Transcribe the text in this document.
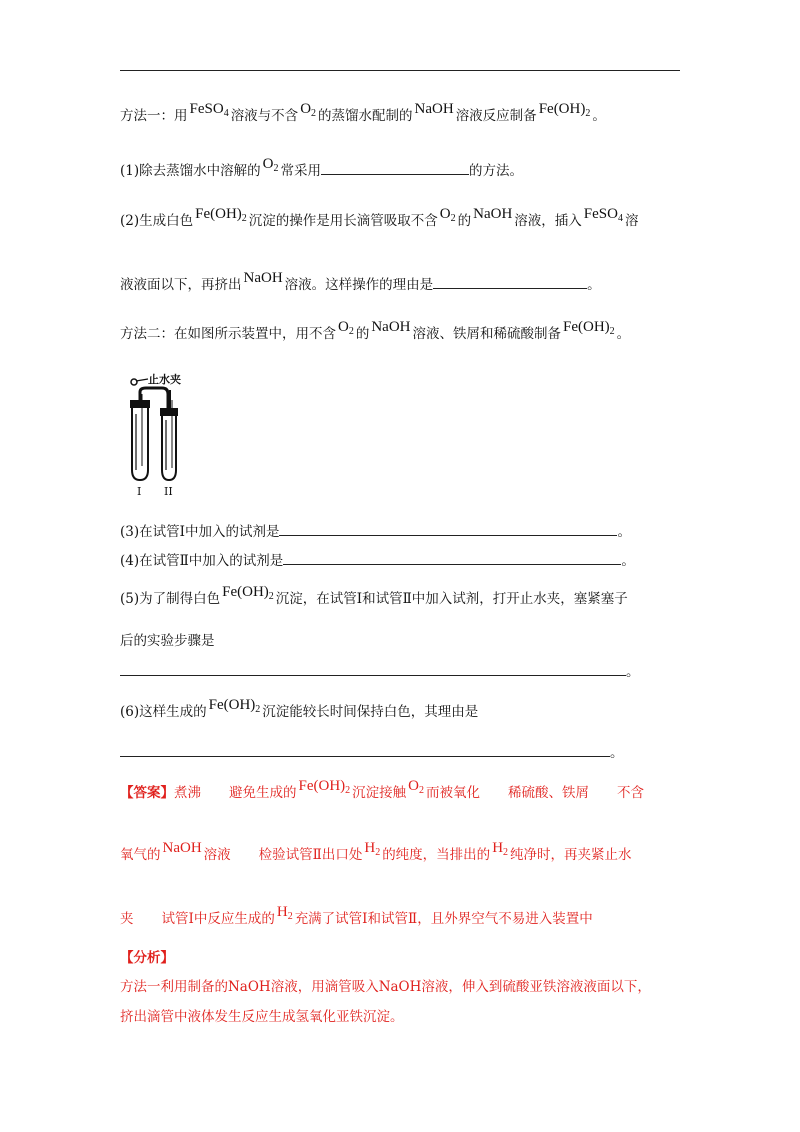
方法一：用 FeSO$_4$ 溶液与不含 $O_2$ 的蒸馏水配制的 NaOH 溶液反应制备 $Fe(OH)_2$ 。
(1)除去蒸馏水中溶解的 $O_2$ 常采用	的方法。
(2)生成白色 $Fe(OH)_2$ 沉淀的操作是用长滴管吸取不含 $O_2$ 的 NaOH 溶液，插入 FeSO$_4$ 溶
液液面以下，再挤出 NaOH 溶液。这样操作的理由是	。
方法二：在如图所示装置中，用不含 $O_2$ 的 NaOH 溶液、铁屑和稀硫酸制备 $Fe(OH)_2$ 。
止水夹
I II
(3)在试管Ⅰ中加入的试剂是	。
(4)在试管Ⅱ中加入的试剂是	。
(5)为了制得白色 $Fe(OH)_2$ 沉淀，在试管Ⅰ和试管Ⅱ中加入试剂，打开止水夹，塞紧塞子
后的实验步骤是
。
(6)这样生成的 $Fe(OH)_2$ 沉淀能较长时间保持白色，其理由是
。
【答案】煮沸 避免生成的 $Fe(OH)_2$ 沉淀接触 $O_2$ 而被氧化 稀硫酸、铁屑 不含
氧气的 NaOH 溶液 检验试管Ⅱ出口处 $H_2$ 的纯度，当排出的 $H_2$ 纯净时，再夹紧止水
夹 试管Ⅰ中反应生成的 $H_2$ 充满了试管Ⅰ和试管Ⅱ，且外界空气不易进入装置中
【分析】
方法一利用制备的NaOH溶液，用滴管吸入NaOH溶液，伸入到硫酸亚铁溶液液面以下，
挤出滴管中液体发生反应生成氢氧化亚铁沉淀。
